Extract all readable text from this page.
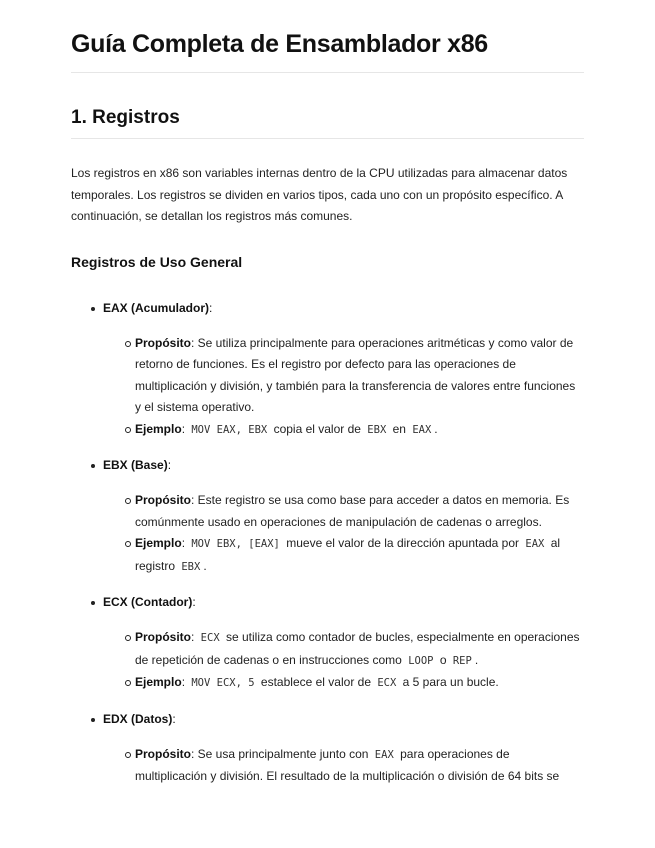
Guía Completa de Ensamblador x86
1. Registros

Los registros en x86 son variables internas dentro de la CPU utilizadas para almacenar datos temporales. Los registros se dividen en varios tipos, cada uno con un propósito específico. A continuación, se detallan los registros más comunes.

Registros de Uso General
EAX (Acumulador):
Propósito: Se utiliza principalmente para operaciones aritméticas y como valor de retorno de funciones. Es el registro por defecto para las operaciones de multiplicación y división, y también para la transferencia de valores entre funciones y el sistema operativo.
Ejemplo: MOV EAX, EBX copia el valor de EBX en EAX .
EBX (Base):
Propósito: Este registro se usa como base para acceder a datos en memoria. Es comúnmente usado en operaciones de manipulación de cadenas o arreglos.
Ejemplo: MOV EBX, [EAX] mueve el valor de la dirección apuntada por EAX al registro EBX .
ECX (Contador):
Propósito: ECX se utiliza como contador de bucles, especialmente en operaciones de repetición de cadenas o en instrucciones como LOOP o REP .
Ejemplo: MOV ECX, 5 establece el valor de ECX a 5 para un bucle.
EDX (Datos):
Propósito: Se usa principalmente junto con EAX para operaciones de multiplicación y división. El resultado de la multiplicación o división de 64 bits se
